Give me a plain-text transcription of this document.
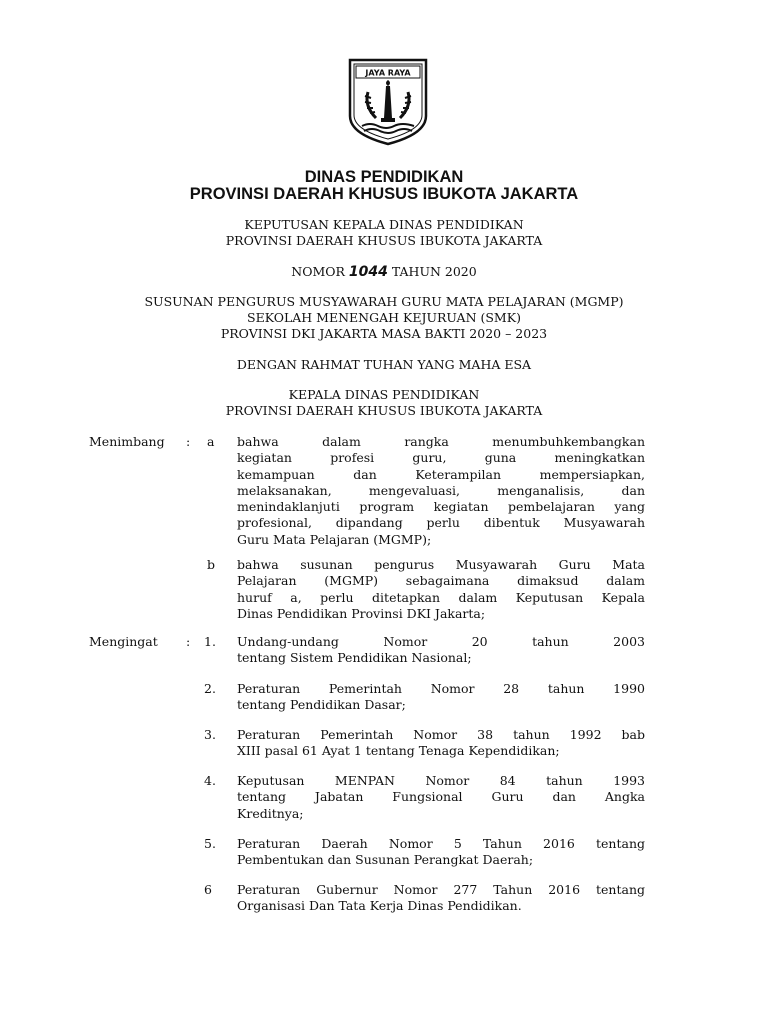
JAYA RAYA
DINAS PENDIDIKAN
PROVINSI DAERAH KHUSUS IBUKOTA JAKARTA
KEPUTUSAN KEPALA DINAS PENDIDIKAN
PROVINSI DAERAH KHUSUS IBUKOTA JAKARTA
NOMOR 1044 TAHUN 2020
SUSUNAN PENGURUS MUSYAWARAH GURU MATA PELAJARAN (MGMP)
SEKOLAH MENENGAH KEJURUAN (SMK)
PROVINSI DKI JAKARTA MASA BAKTI 2020 – 2023
DENGAN RAHMAT TUHAN YANG MAHA ESA
KEPALA DINAS PENDIDIKAN
PROVINSI DAERAH KHUSUS IBUKOTA JAKARTA
Menimbang : a bahwa dalam rangka menumbuhkembangkan
kegiatan profesi guru, guna meningkatkan
kemampuan dan Keterampilan mempersiapkan,
melaksanakan, mengevaluasi, menganalisis, dan
menindaklanjuti program kegiatan pembelajaran yang
profesional, dipandang perlu dibentuk Musyawarah
Guru Mata Pelajaran (MGMP);
b bahwa susunan pengurus Musyawarah Guru Mata
Pelajaran (MGMP) sebagaimana dimaksud dalam
huruf a, perlu ditetapkan dalam Keputusan Kepala
Dinas Pendidikan Provinsi DKI Jakarta;
Mengingat : 1. Undang-undang Nomor 20 tahun 2003
tentang Sistem Pendidikan Nasional;
2. Peraturan Pemerintah Nomor 28 tahun 1990
tentang Pendidikan Dasar;
3. Peraturan Pemerintah Nomor 38 tahun 1992 bab
XIII pasal 61 Ayat 1 tentang Tenaga Kependidikan;
4. Keputusan MENPAN Nomor 84 tahun 1993
tentang Jabatan Fungsional Guru dan Angka
Kreditnya;
5. Peraturan Daerah Nomor 5 Tahun 2016 tentang
Pembentukan dan Susunan Perangkat Daerah;
6 Peraturan Gubernur Nomor 277 Tahun 2016 tentang
Organisasi Dan Tata Kerja Dinas Pendidikan.
